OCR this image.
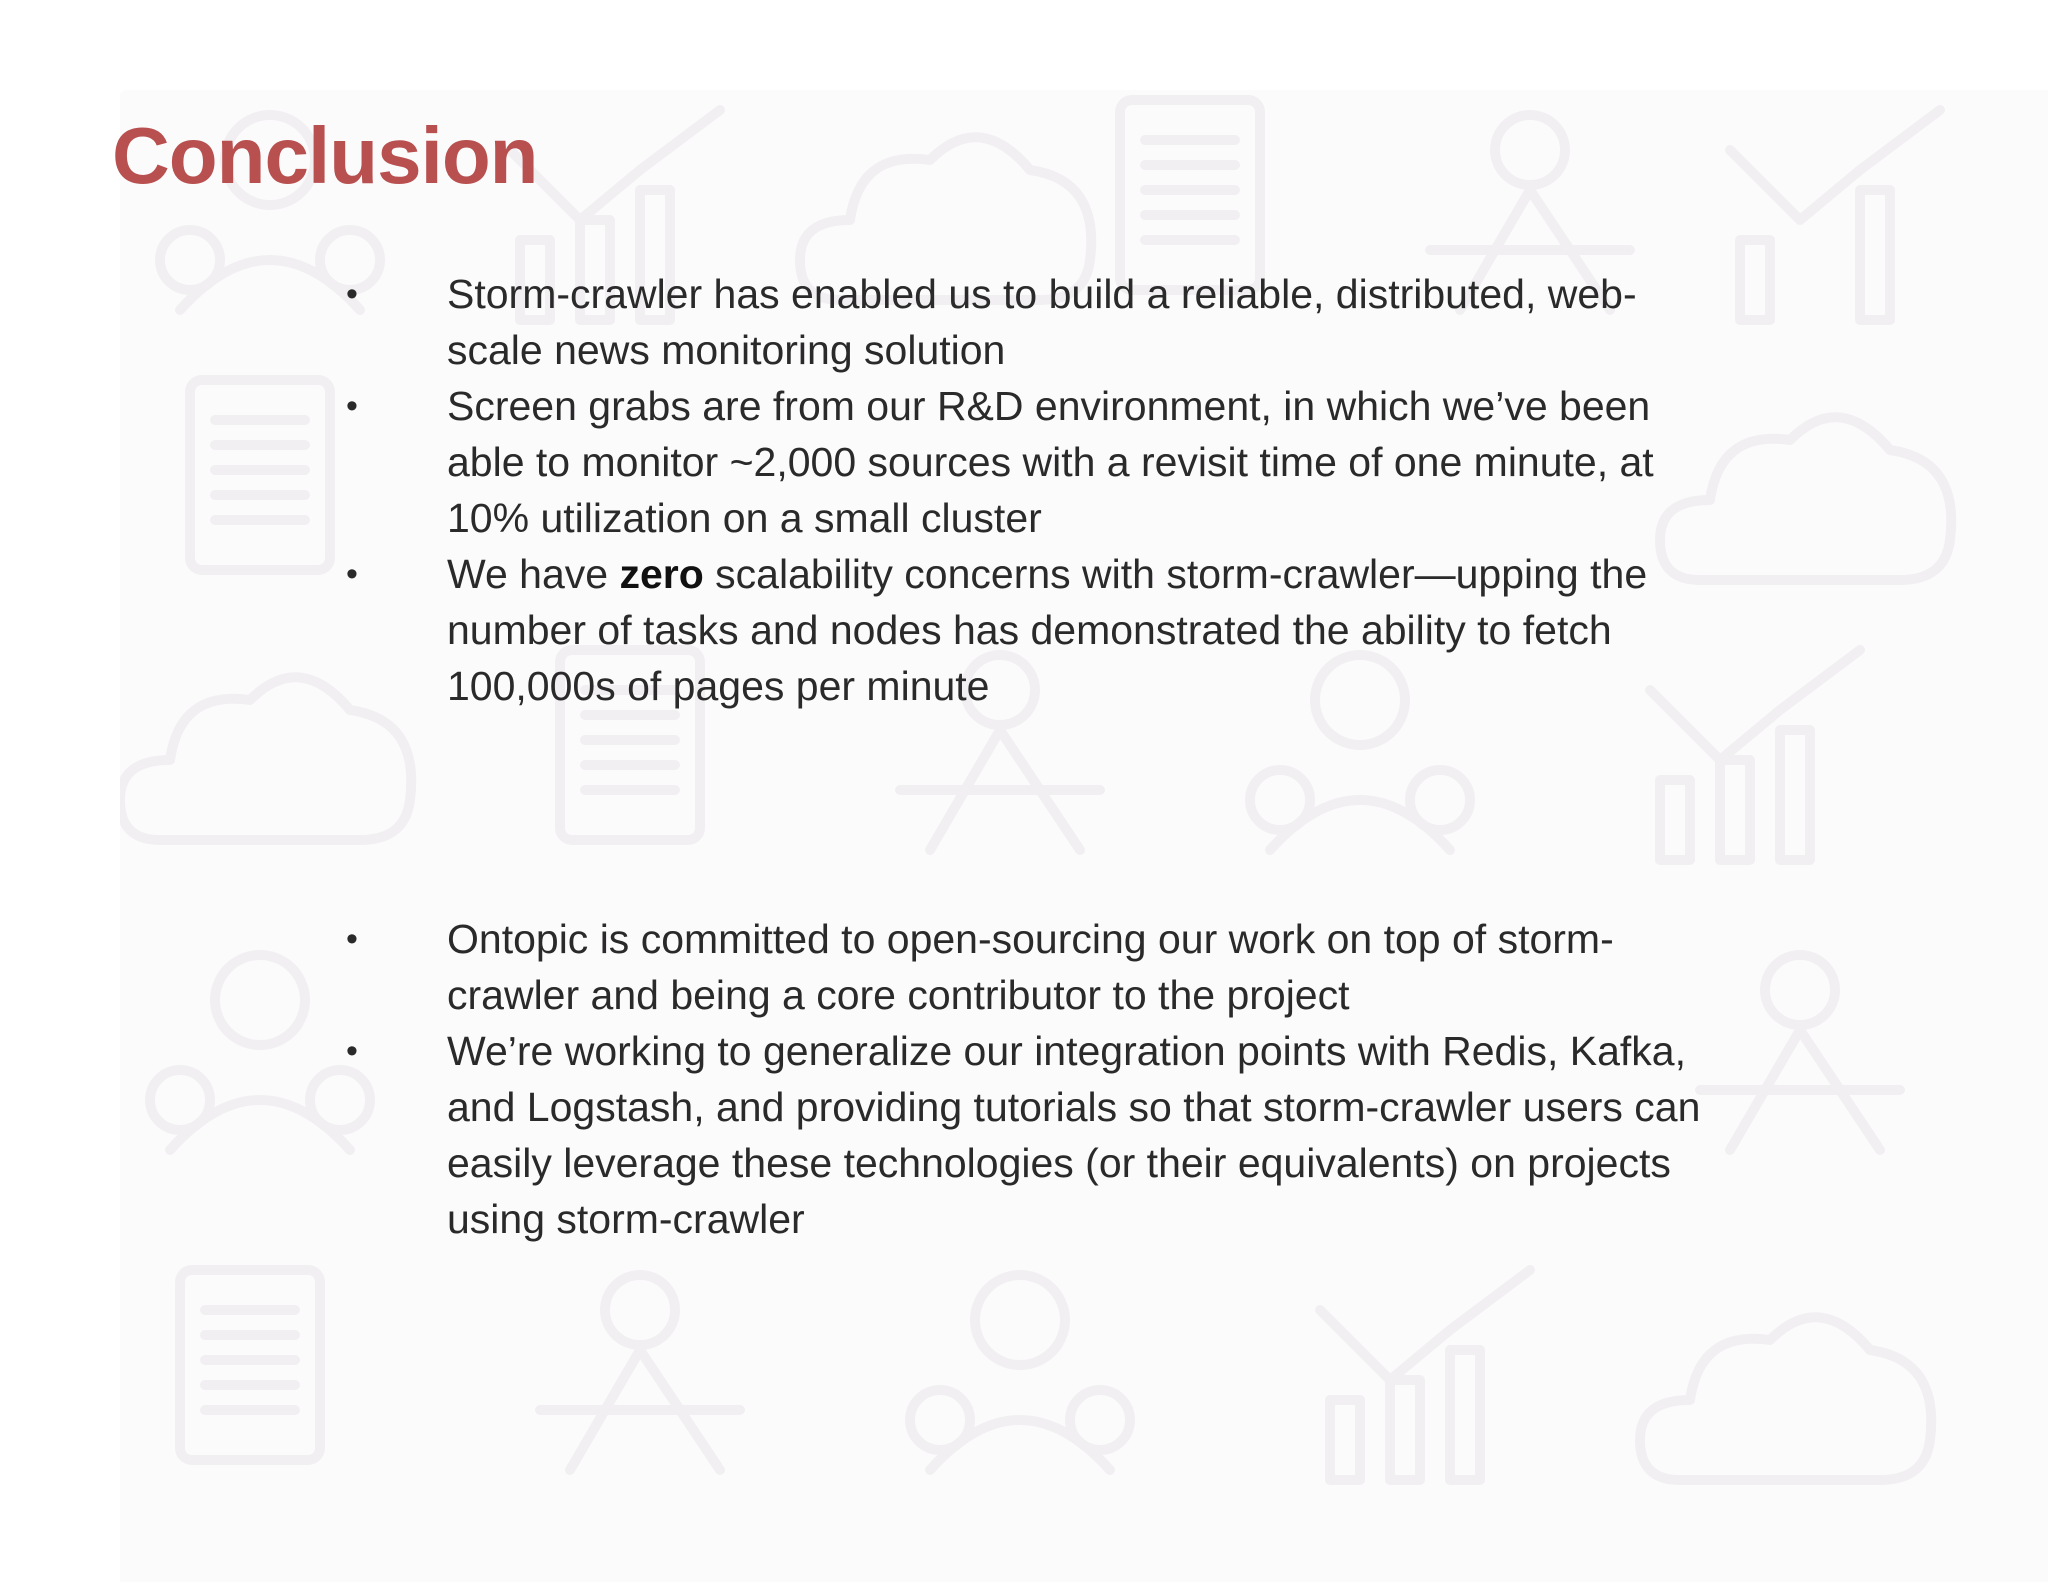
Conclusion
• Storm-crawler has enabled us to build a reliable, distributed, web-scale news monitoring solution
• Screen grabs are from our R&D environment, in which we’ve been able to monitor ~2,000 sources with a revisit time of one minute, at 10% utilization on a small cluster
• We have zero scalability concerns with storm-crawler—upping the number of tasks and nodes has demonstrated the ability to fetch 100,000s of pages per minute
• Ontopic is committed to open-sourcing our work on top of storm-crawler and being a core contributor to the project
• We’re working to generalize our integration points with Redis, Kafka, and Logstash, and providing tutorials so that storm-crawler users can easily leverage these technologies (or their equivalents) on projects using storm-crawler
